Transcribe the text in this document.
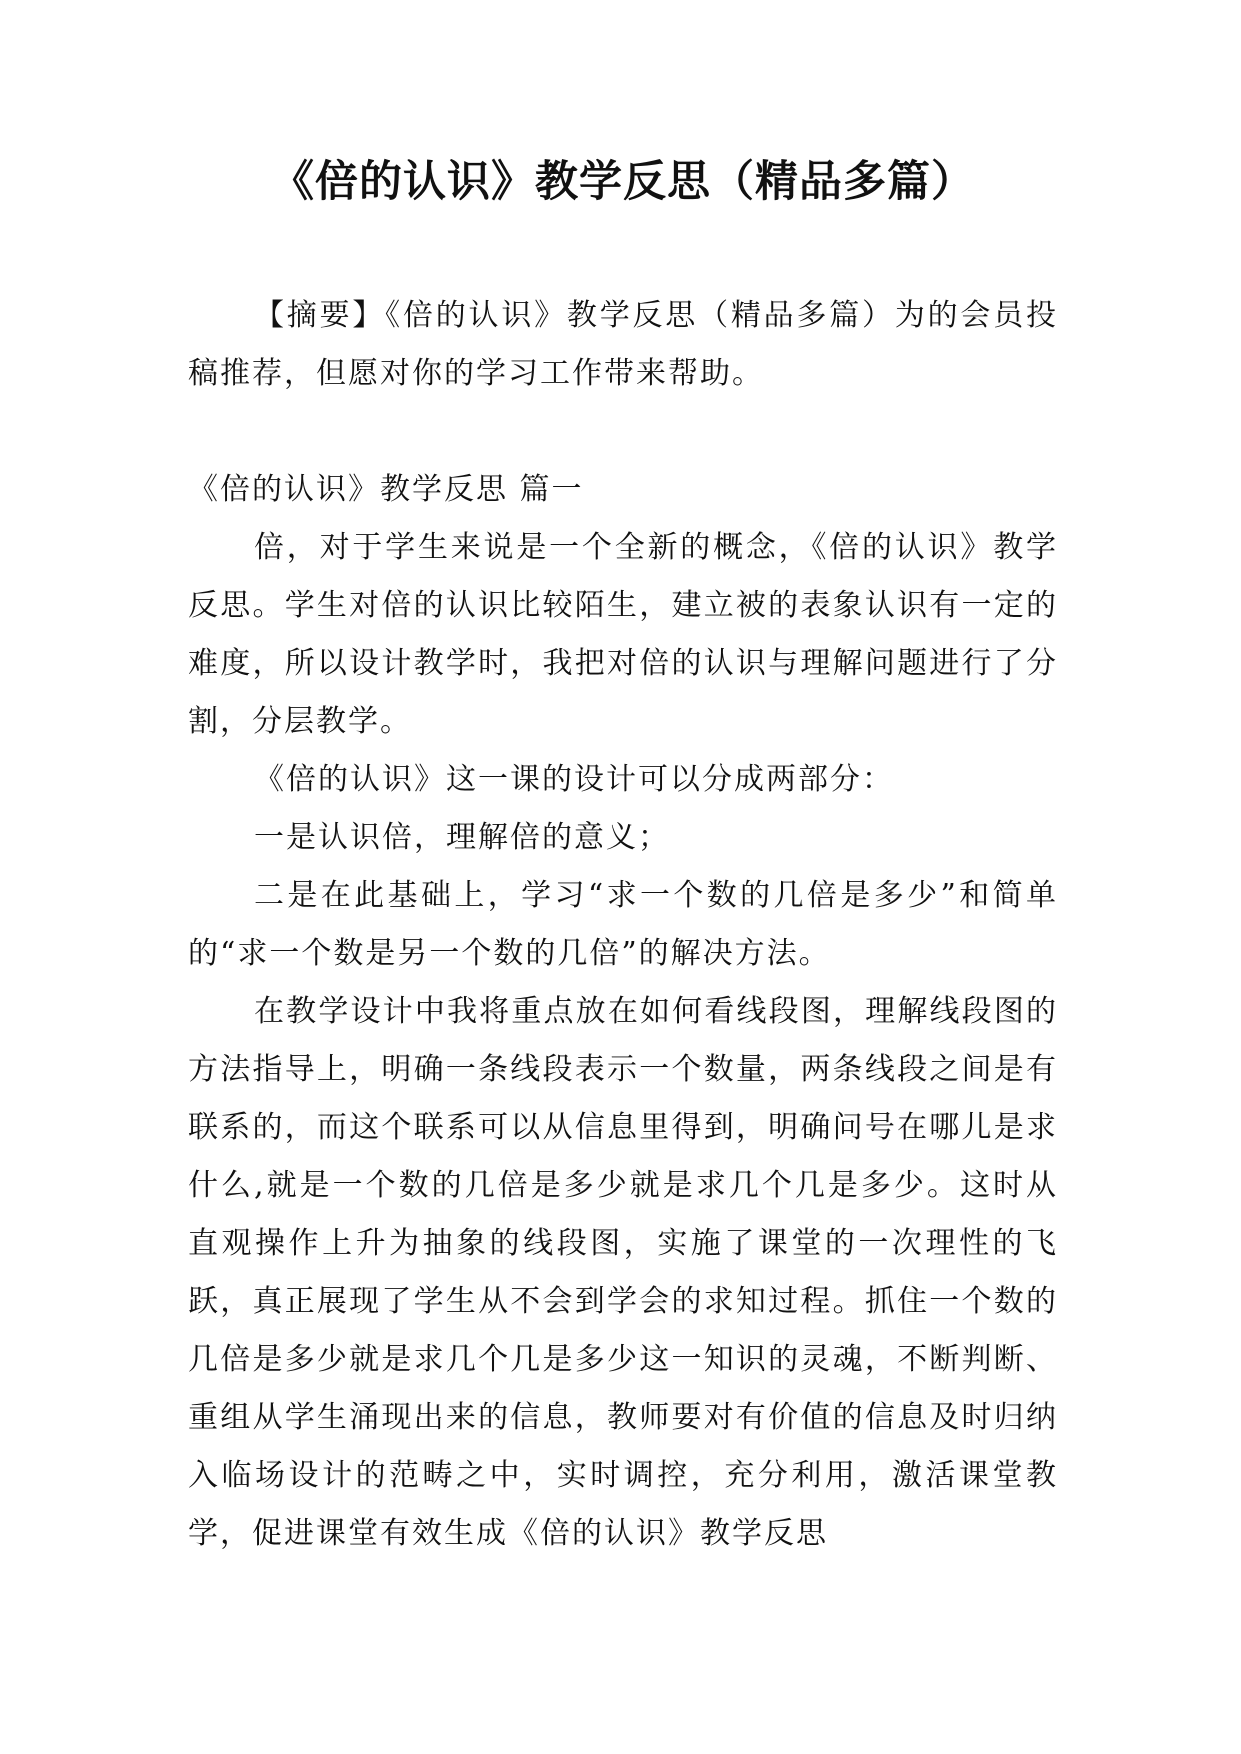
《倍的认识》教学反思（精品多篇）

【摘要】《倍的认识》教学反思（精品多篇）为的会员投稿推荐，但愿对你的学习工作带来帮助。

《倍的认识》教学反思 篇一

倍，对于学生来说是一个全新的概念，《倍的认识》教学反思。学生对倍的认识比较陌生，建立被的表象认识有一定的难度，所以设计教学时，我把对倍的认识与理解问题进行了分割，分层教学。

《倍的认识》这一课的设计可以分成两部分：

一是认识倍，理解倍的意义；

二是在此基础上，学习“求一个数的几倍是多少”和简单的“求一个数是另一个数的几倍”的解决方法。

在教学设计中我将重点放在如何看线段图，理解线段图的方法指导上，明确一条线段表示一个数量，两条线段之间是有联系的，而这个联系可以从信息里得到，明确问号在哪儿是求什么,就是一个数的几倍是多少就是求几个几是多少。这时从直观操作上升为抽象的线段图，实施了课堂的一次理性的飞跃，真正展现了学生从不会到学会的求知过程。抓住一个数的几倍是多少就是求几个几是多少这一知识的灵魂，不断判断、重组从学生涌现出来的信息，教师要对有价值的信息及时归纳入临场设计的范畴之中，实时调控，充分利用，激活课堂教学，促进课堂有效生成《倍的认识》教学反思
